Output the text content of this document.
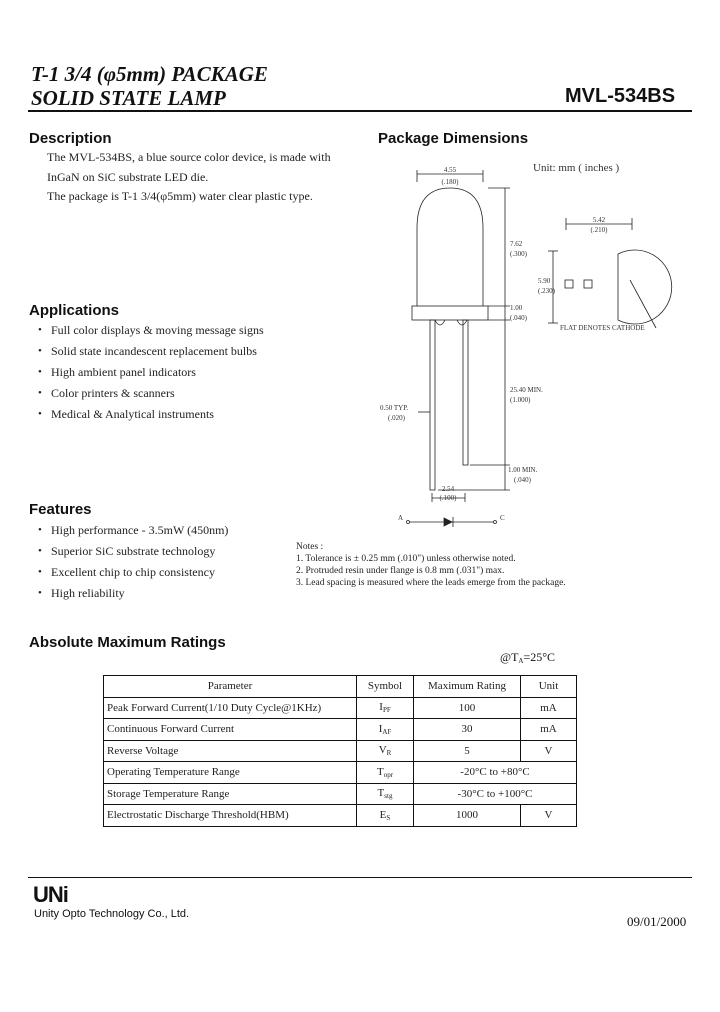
T-1 3/4 (φ5mm) PACKAGE
SOLID STATE LAMP	MVL-534BS
Description
The MVL-534BS, a blue source color device, is made with
InGaN on SiC substrate LED die.
The package is T-1 3/4(φ5mm) water clear plastic type.
Applications
• Full color displays & moving message signs
• Solid state incandescent replacement bulbs
• High ambient panel indicators
• Color printers & scanners
• Medical & Analytical instruments
Features
• High performance - 3.5mW (450nm)
• Superior SiC substrate technology
• Excellent chip to chip consistency
• High reliability
Package Dimensions
Unit: mm ( inches )
4.55
(.180)
7.62
(.300)
1.00
(.040)
25.40 MIN.
(1.000)
0.50 TYP.
(.020)
1.00 MIN.
(.040)
2.54
(.100)
5.42
(.210)
5.90
(.230)
FLAT DENOTES CATHODE
A	C
Notes :
1. Tolerance is ± 0.25 mm (.010") unless otherwise noted.
2. Protruded resin under flange is 0.8 mm (.031") max.
3. Lead spacing is measured where the leads emerge from the package.
Absolute Maximum Ratings
$@T_A=25^\circ C$
Parameter	Symbol	Maximum Rating	Unit
Peak Forward Current(1/10 Duty Cycle@1KHz)	$I_{PF}$	100	mA
Continuous Forward Current	$I_{AF}$	30	mA
Reverse Voltage	$V_R$	5	V
Operating Temperature Range	$T_{opr}$	-20°C to +80°C	
Storage Temperature Range	$T_{stg}$	-30°C to +100°C	
Electrostatic Discharge Threshold(HBM)	$E_S$	1000	V
UNi
Unity Opto Technology Co., Ltd.	09/01/2000
